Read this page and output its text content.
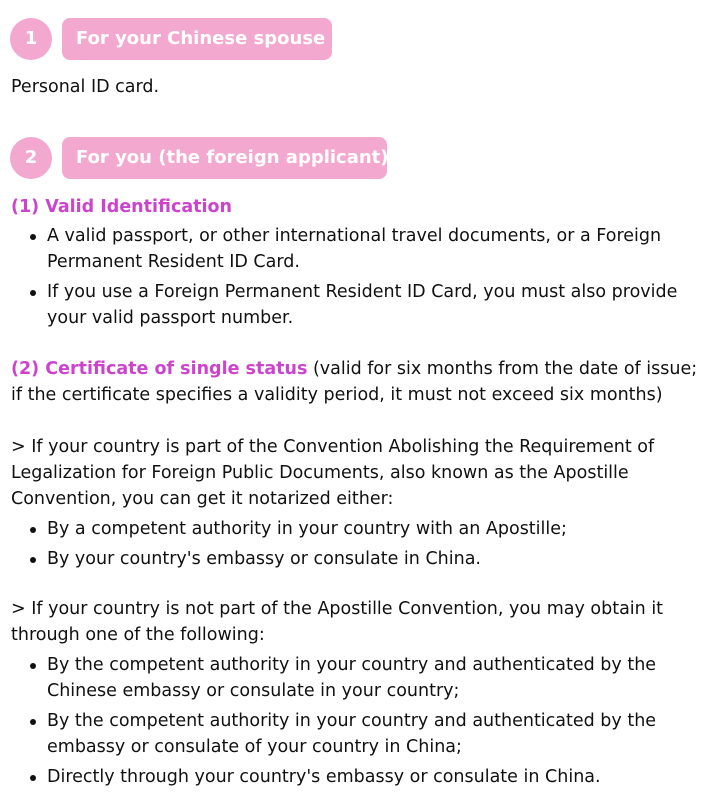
1	For your Chinese spouse

Personal ID card.

2	For you (the foreign applicant)
(1) Valid Identification
A valid passport, or other international travel documents, or a Foreign Permanent Resident ID Card.
If you use a Foreign Permanent Resident ID Card, you must also provide your valid passport number.

(2) Certificate of single status (valid for six months from the date of issue; if the certificate specifies a validity period, it must not exceed six months)

> If your country is part of the Convention Abolishing the Requirement of Legalization for Foreign Public Documents, also known as the Apostille Convention, you can get it notarized either:
By a competent authority in your country with an Apostille;
By your country's embassy or consulate in China.
> If your country is not part of the Apostille Convention, you may obtain it through one of the following:
By the competent authority in your country and authenticated by the Chinese embassy or consulate in your country;
By the competent authority in your country and authenticated by the embassy or consulate of your country in China;
Directly through your country's embassy or consulate in China.
